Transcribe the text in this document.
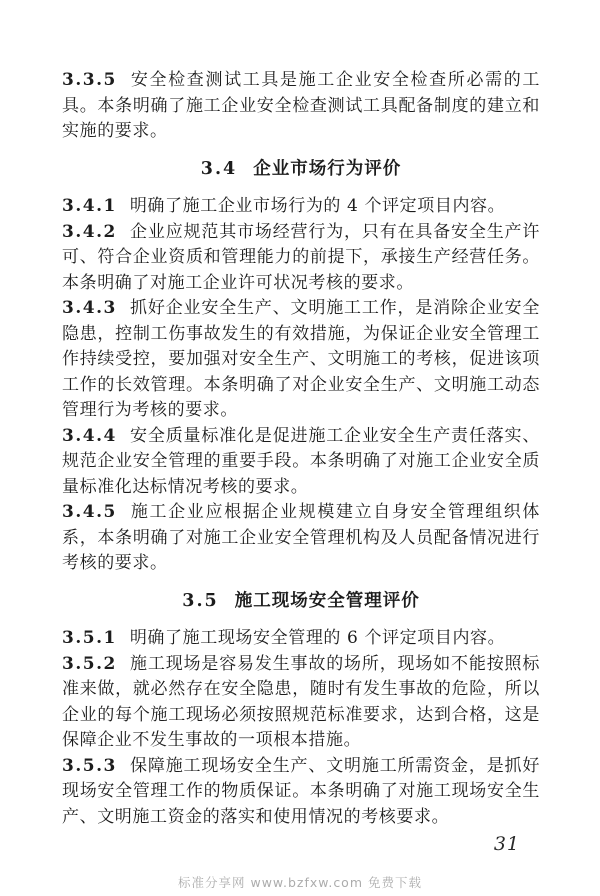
3.3.5 安全检查测试工具是施工企业安全检查所必需的工具。本条明确了施工企业安全检查测试工具配备制度的建立和实施的要求。

3.4 企业市场行为评价

3.4.1 明确了施工企业市场行为的 4 个评定项目内容。

3.4.2 企业应规范其市场经营行为，只有在具备安全生产许可、符合企业资质和管理能力的前提下，承接生产经营任务。本条明确了对施工企业许可状况考核的要求。

3.4.3 抓好企业安全生产、文明施工工作，是消除企业安全隐患，控制工伤事故发生的有效措施，为保证企业安全管理工作持续受控，要加强对安全生产、文明施工的考核，促进该项工作的长效管理。本条明确了对企业安全生产、文明施工动态管理行为考核的要求。

3.4.4 安全质量标准化是促进施工企业安全生产责任落实、规范企业安全管理的重要手段。本条明确了对施工企业安全质量标准化达标情况考核的要求。

3.4.5 施工企业应根据企业规模建立自身安全管理组织体系，本条明确了对施工企业安全管理机构及人员配备情况进行考核的要求。

3.5 施工现场安全管理评价

3.5.1 明确了施工现场安全管理的 6 个评定项目内容。

3.5.2 施工现场是容易发生事故的场所，现场如不能按照标准来做，就必然存在安全隐患，随时有发生事故的危险，所以企业的每个施工现场必须按照规范标准要求，达到合格，这是保障企业不发生事故的一项根本措施。

3.5.3 保障施工现场安全生产、文明施工所需资金，是抓好现场安全管理工作的物质保证。本条明确了对施工现场安全生产、文明施工资金的落实和使用情况的考核要求。

31
标准分享网 www.bzfxw.com 免费下载
